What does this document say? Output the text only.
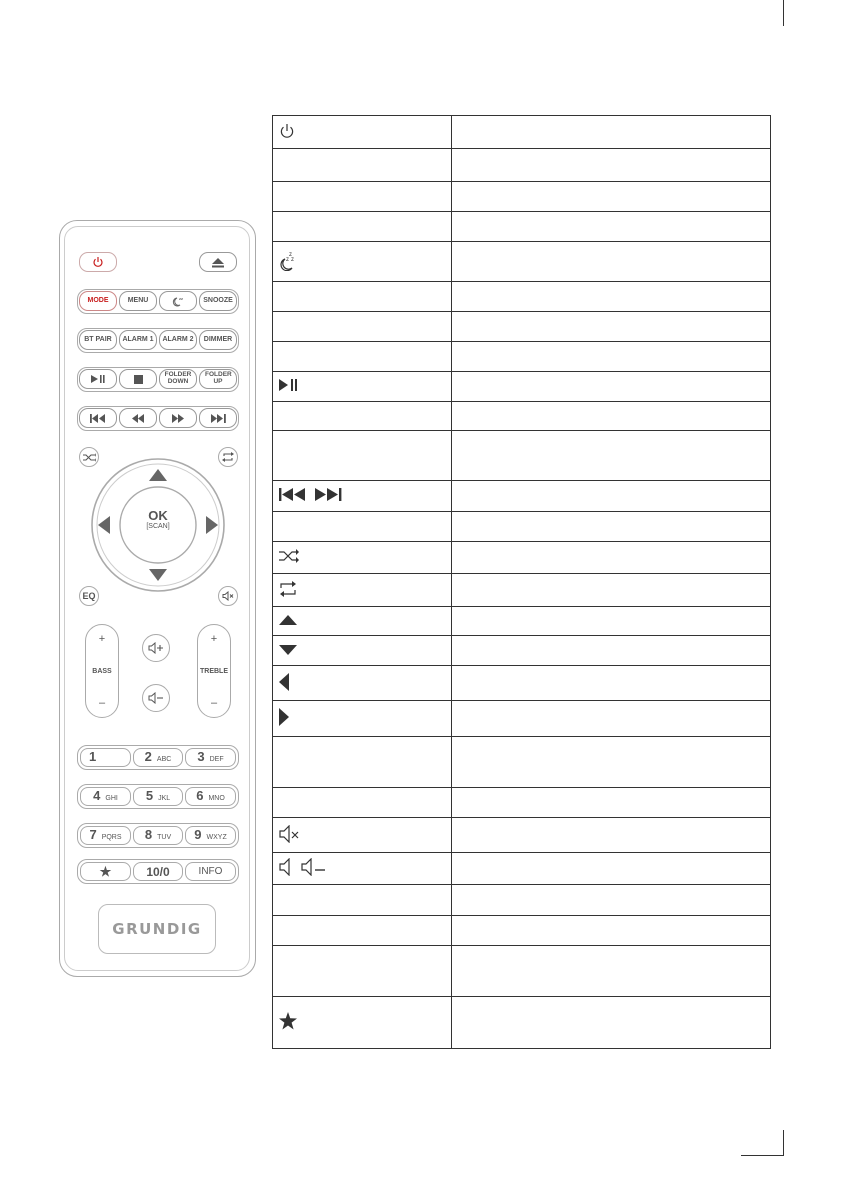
MODE	MENU	zz	SNOOZE
BT PAIR ALARM 1 ALARM 2 DIMMER
FOLDER DOWN
FOLDER UP
OK
[SCAN]
EQ
+
BASS
–
+
TREBLE
–
1	2 ABC 3 DEF
4 GHI 5 JKL 6 MNO
7 PQRS 8 TUV 9 WXYZ
★	10/0	INFO
GRUNDIG

z
z z	
